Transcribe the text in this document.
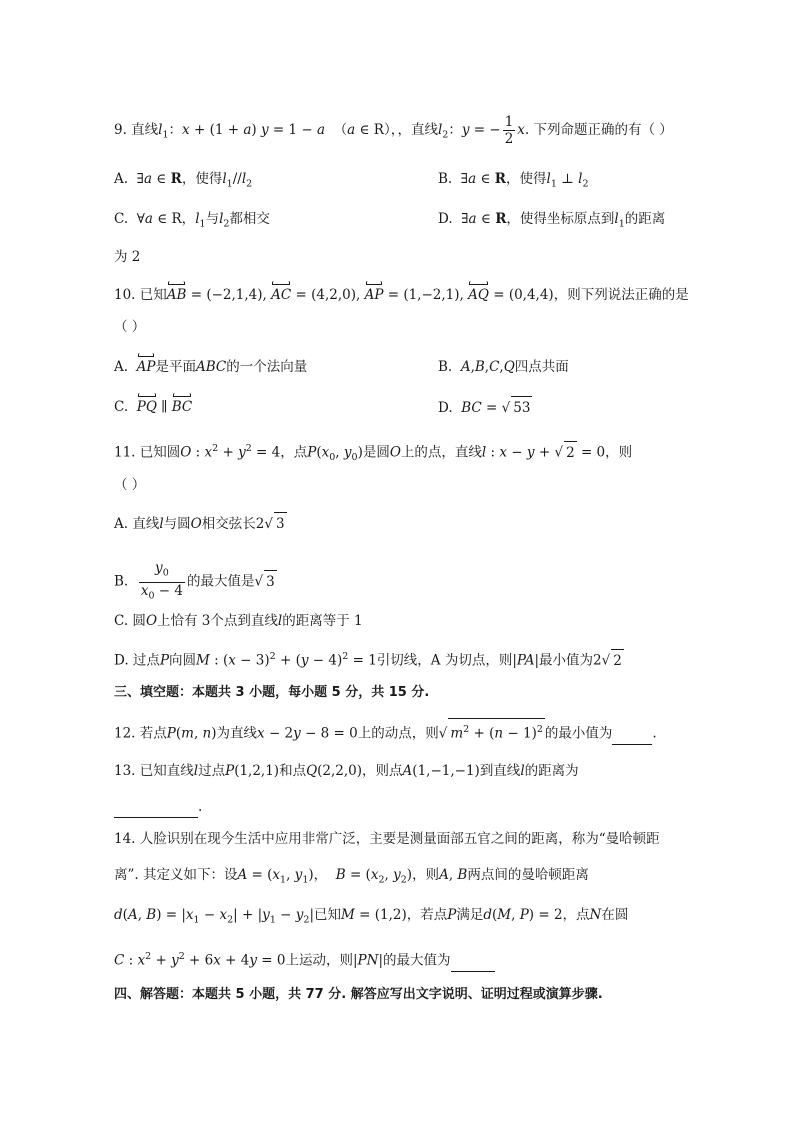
9. 直线$l_1$：x + (1 + a) y = 1 − a  （a ∈ R），，直线$l_2$：y = − $\frac{1}{2} x$. 下列命题正确的有（ ）
A.  ∃a ∈ R，使得$l_1//l_2$	B.  ∃a ∈ R，使得$l_1$ ⊥ $l_2$
C.  ∀a ∈ R，$l_1$与$l_2$都相交	D.  ∃a ∈ R，使得坐标原点到$l_1$的距离
为 2
10. 已知AB = (−2,1,4), AC = (4,2,0), AP = (1,−2,1), AQ = (0,4,4)，则下列说法正确的是
（ ）
A. AP是平面ABC的一个法向量	B. A,B,C,Q四点共面
C. PQ ∥ BC	D. BC = √ 53
11. 已知圆O : $x^2 + y^2 = 4$，点$P(x_0$, $y_0$)是圆O上的点，直线l : x − y + √ 2 = 0，则
（ ）
A. 直线l与圆O相交弦长2√ 3
B. $\frac{y_0}{x_0 - 4}$ 的最大值是√ 3
C. 圆O上恰有 3个点到直线l的距离等于 1
D. 过点P向圆M : $(x - 3)^2 + (y - 4)^2 = 1$引切线，A 为切点，则|PA|最小值为2√ 2
三、填空题：本题共 3 小题，每小题 5 分，共 15 分.
12. 若点P(m, n)为直线x − 2y − 8 = 0上的动点，则√ $m^2 + (n - 1)^2$ 的最小值为	.
13. 已知直线l过点P(1,2,1)和点Q(2,2,0)，则点A(1,−1,−1)到直线l的距离为
.
14. 人脸识别在现今生活中应用非常广泛，主要是测量面部五官之间的距离，称为“曼哈顿距
离”. 其定义如下：设$A = (x_1$, $y_1$)， $B = (x_2$, $y_2$)，则A, B两点间的曼哈顿距离
d(A, $B) = |x_1 - x_2| + |y_1 - y_2|$已知M = (1,2)，若点P满足d(M, P) = 2，点N在圆
C : $x^2 + y^2 + 6x + 4y = 0$上运动，则|PN|的最大值为
四、解答题：本题共 5 小题，共 77 分. 解答应写出文字说明、证明过程或演算步骤.
